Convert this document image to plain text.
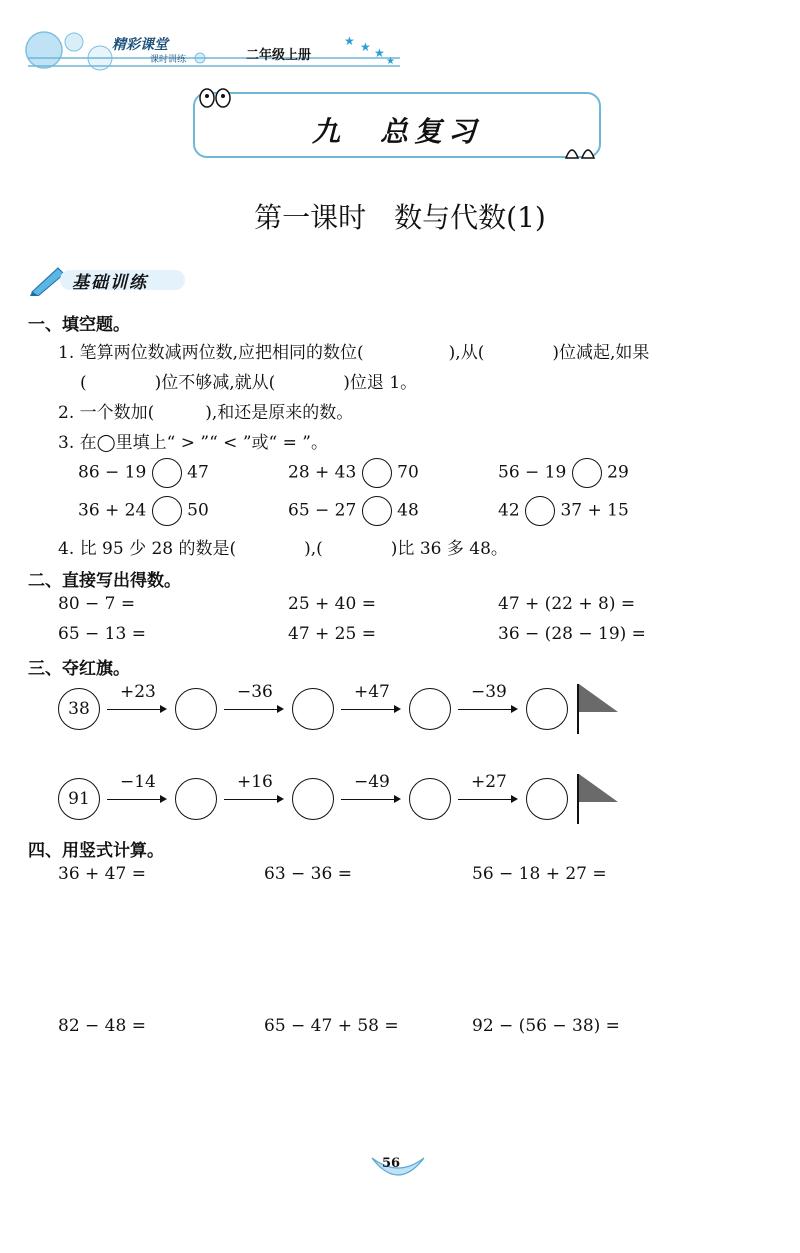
精彩课堂
课时训练	二年级上册
★ ★ ★
★
九　总复习
第一课时　数与代数(1)
基础训练
一、填空题。
1. 笔算两位数减两位数,应把相同的数位(　　　　　),从(　　　　)位减起,如果
(　　　　)位不够减,就从(　　　　)位退 1。
2. 一个数加(　　　),和还是原来的数。
3. 在◯里填上“ > ”“ < ”或“ = ”。
86 − 19 47	28 + 43 70	56 − 19 29
36 + 24 50	65 − 27 48	42 37 + 15
4. 比 95 少 28 的数是(　　　　),(　　　　)比 36 多 48。
二、直接写出得数。
80 − 7 =	25 + 40 =	47 + (22 + 8) =
65 − 13 =	47 + 25 =	36 − (28 − 19) =
三、夺红旗。
38
+23	−36	+47	−39
91
−14	+16	−49	+27
四、用竖式计算。
36 + 47 =	63 − 36 =	56 − 18 + 27 =
82 − 48 =	65 − 47 + 58 =	92 − (56 − 38) =
56
